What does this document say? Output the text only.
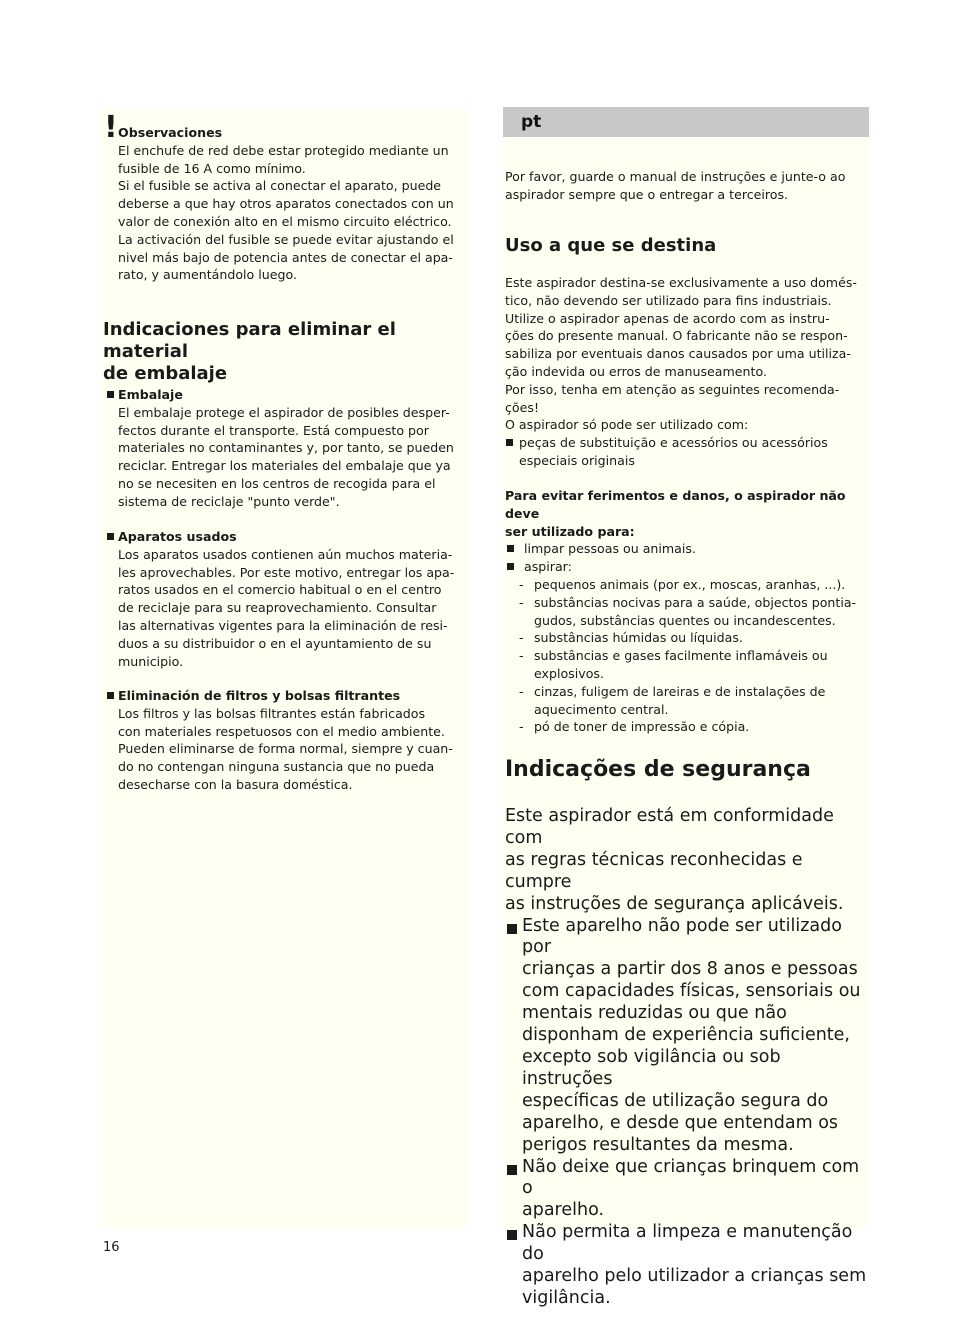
pt
! Observaciones

El enchufe de red debe estar protegido mediante un
fusible de 16 A como mínimo.
Si el fusible se activa al conectar el aparato, puede
deberse a que hay otros aparatos conectados con un
valor de conexión alto en el mismo circuito eléctrico.
La activación del fusible se puede evitar ajustando el
nivel más bajo de potencia antes de conectar el apa-
rato, y aumentándolo luego.
Indicaciones para eliminar el material
de embalaje

Embalaje

El embalaje protege el aspirador de posibles desper-
fectos durante el transporte. Está compuesto por
materiales no contaminantes y, por tanto, se pueden
reciclar. Entregar los materiales del embalaje que ya
no se necesiten en los centros de recogida para el
sistema de reciclaje "punto verde".

Aparatos usados

Los aparatos usados contienen aún muchos materia-
les aprovechables. Por este motivo, entregar los apa-
ratos usados en el comercio habitual o en el centro
de reciclaje para su reaprovechamiento. Consultar
las alternativas vigentes para la eliminación de resi-
duos a su distribuidor o en el ayuntamiento de su
municipio.

Eliminación de filtros y bolsas filtrantes

Los filtros y las bolsas filtrantes están fabricados
con materiales respetuosos con el medio ambiente.
Pueden eliminarse de forma normal, siempre y cuan-
do no contengan ninguna sustancia que no pueda
desecharse con la basura doméstica.
Por favor, guarde o manual de instruções e junte-o ao
aspirador sempre que o entregar a terceiros.
Uso a que se destina
Este aspirador destina-se exclusivamente a uso domés-
tico, não devendo ser utilizado para fins industriais.
Utilize o aspirador apenas de acordo com as instru-
ções do presente manual. O fabricante não se respon-
sabiliza por eventuais danos causados por uma utiliza-
ção indevida ou erros de manuseamento.
Por isso, tenha em atenção as seguintes recomenda-
ções!
O aspirador só pode ser utilizado com:
peças de substituição e acessórios ou acessórios
especiais originais
Para evitar ferimentos e danos, o aspirador não deve
ser utilizado para:

limpar pessoas ou animais.

aspirar:

- pequenos animais (por ex., moscas, aranhas, ...).
- substâncias nocivas para a saúde, objectos pontia-
gudos, substâncias quentes ou incandescentes.
- substâncias húmidas ou líquidas.
- substâncias e gases facilmente inflamáveis ou
explosivos.
- cinzas, fuligem de lareiras e de instalações de
aquecimento central.
- pó de toner de impressão e cópia.
Indicações de segurança
Este aspirador está em conformidade com
as regras técnicas reconhecidas e cumpre
as instruções de segurança aplicáveis.
Este aparelho não pode ser utilizado por
crianças a partir dos 8 anos e pessoas
com capacidades físicas, sensoriais ou
mentais reduzidas ou que não
disponham de experiência suficiente,
excepto sob vigilância ou sob instruções
específicas de utilização segura do
aparelho, e desde que entendam os
perigos resultantes da mesma.
Não deixe que crianças brinquem com o
aparelho.
Não permita a limpeza e manutenção do
aparelho pelo utilizador a crianças sem
vigilância.
16
